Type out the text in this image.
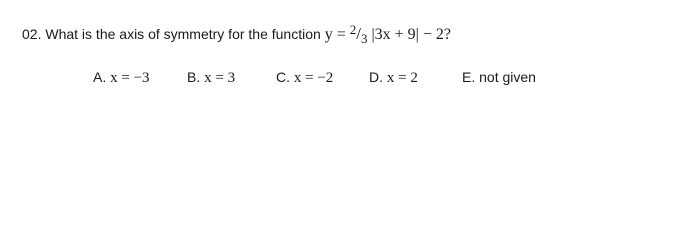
02. What is the axis of symmetry for the function y = 2/3 |3x + 9| − 2?
A. x = −3	B. x = 3	C. x = −2	D. x = 2	E. not given
